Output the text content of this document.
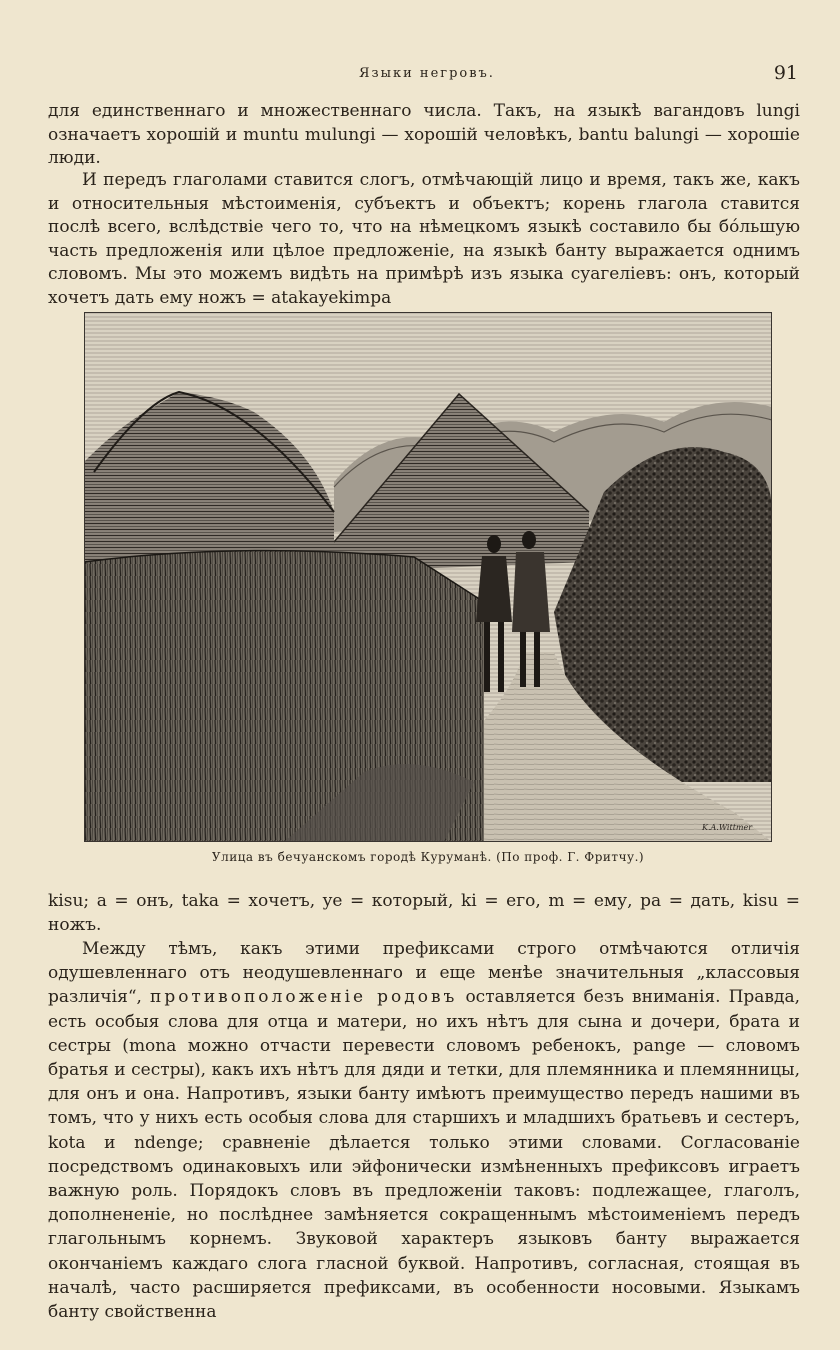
Языки негровъ.	91

для единственнаго и множественнаго числа. Такъ, на языкѣ вагандовъ lungi означаетъ хорошій и muntu mulungi — хорошій человѣкъ, bantu balungi — хорошіе люди.

И передъ глаголами ставится слогъ, отмѣчающій лицо и время, такъ же, какъ и относительныя мѣстоименія, субъектъ и объектъ; корень глагола ставится послѣ всего, вслѣдствіе чего то, что на нѣмецкомъ языкѣ составило бы бóльшую часть предложенія или цѣлое предложеніе, на языкѣ банту выражается однимъ словомъ. Мы это можемъ видѣть на примѣрѣ изъ языка суагеліевъ: онъ, который хочетъ дать ему ножъ = atakayekimpa

K.A.Wittmer
Улица въ бечуанскомъ городѣ Куруманѣ. (По проф. Г. Фритчу.)

kisu; a = онъ, taka = хочетъ, ye = который, ki = его, m = ему, pa = дать, kisu = ножъ.

Между тѣмъ, какъ этими префиксами строго отмѣчаются отличія одушевленнаго отъ неодушевленнаго и еще менѣе значительныя „классовыя различія“, противоположеніе родовъ оставляется безъ вниманія. Правда, есть особыя слова для отца и матери, но ихъ нѣтъ для сына и дочери, брата и сестры (mona можно отчасти перевести словомъ ребенокъ, pange — словомъ братья и сестры), какъ ихъ нѣтъ для дяди и тетки, для племянника и племянницы, для онъ и она. Напротивъ, языки банту имѣютъ преимущество передъ нашими въ томъ, что у нихъ есть особыя слова для старшихъ и младшихъ братьевъ и сестеръ, kota и ndenge; сравненіе дѣлается только этими словами. Согласованіе посредствомъ одинаковыхъ или эйфонически измѣненныхъ префиксовъ играетъ важную роль. Порядокъ словъ въ предложеніи таковъ: подлежащее, глаголъ, дополнененіе, но послѣднее замѣняется сокращеннымъ мѣстоименіемъ передъ глагольнымъ корнемъ. Звуковой характеръ языковъ банту выражается окончаніемъ каждаго слога гласной буквой. Напротивъ, согласная, стоящая въ началѣ, часто расширяется префиксами, въ особенности носовыми. Языкамъ банту свойственна
